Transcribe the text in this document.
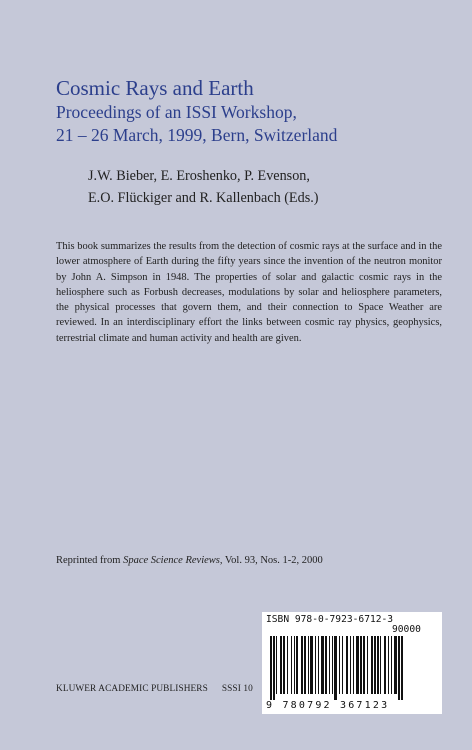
Cosmic Rays and Earth
Proceedings of an ISSI Workshop,
21 – 26 March, 1999, Bern, Switzerland
J.W. Bieber, E. Eroshenko, P. Evenson,
E.O. Flückiger and R. Kallenbach (Eds.)
This book summarizes the results from the detection of cosmic rays at the surface and in the lower atmosphere of Earth during the fifty years since the invention of the neutron monitor by John A. Simpson in 1948. The properties of solar and galactic cosmic rays in the heliosphere such as Forbush decreases, modulations by solar and heliosphere parameters, the physical processes that govern them, and their connection to Space Weather are reviewed. In an interdisciplinary effort the links between cosmic ray physics, geophysics, terrestrial climate and human activity and health are given.
Reprinted from Space Science Reviews, Vol. 93, Nos. 1-2, 2000
ISBN 978-0-7923-6712-3
90000
9 780792 367123
KLUWER ACADEMIC PUBLISHERS SSSI 10
